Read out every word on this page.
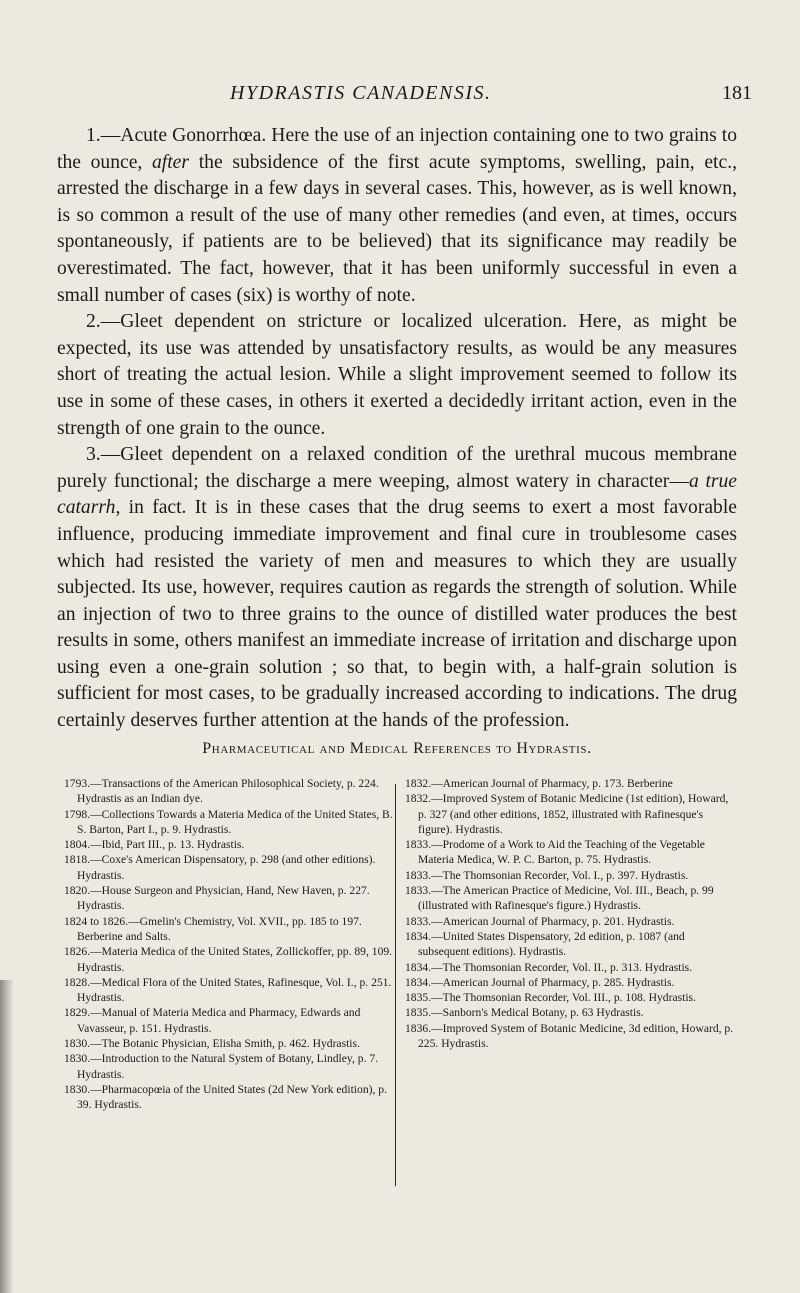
HYDRASTIS CANADENSIS.	181

1.—Acute Gonorrhœa. Here the use of an injection containing one to two grains to the ounce, after the subsidence of the first acute symptoms, swelling, pain, etc., arrested the discharge in a few days in several cases. This, however, as is well known, is so common a result of the use of many other remedies (and even, at times, occurs spontaneously, if patients are to be believed) that its significance may readily be overestimated. The fact, however, that it has been uniformly successful in even a small number of cases (six) is worthy of note.

2.—Gleet dependent on stricture or localized ulceration. Here, as might be expected, its use was attended by unsatisfactory results, as would be any measures short of treating the actual lesion. While a slight improvement seemed to follow its use in some of these cases, in others it exerted a decidedly irritant action, even in the strength of one grain to the ounce.

3.—Gleet dependent on a relaxed condition of the urethral mucous membrane purely functional; the discharge a mere weeping, almost watery in character—a true catarrh, in fact. It is in these cases that the drug seems to exert a most favorable influence, producing immediate improvement and final cure in troublesome cases which had resisted the variety of men and measures to which they are usually subjected. Its use, however, requires caution as regards the strength of solution. While an injection of two to three grains to the ounce of distilled water produces the best results in some, others manifest an immediate increase of irritation and discharge upon using even a one-grain solution ; so that, to begin with, a half-grain solution is sufficient for most cases, to be gradually increased according to indications. The drug certainly deserves further attention at the hands of the profession.

Pharmaceutical and Medical References to Hydrastis.

1793.—Transactions of the American Philosophical Society, p. 224. Hydrastis as an Indian dye.

1798.—Collections Towards a Materia Medica of the United States, B. S. Barton, Part I., p. 9. Hydrastis.

1804.—Ibid, Part III., p. 13. Hydrastis.

1818.—Coxe's American Dispensatory, p. 298 (and other editions). Hydrastis.

1820.—House Surgeon and Physician, Hand, New Haven, p. 227. Hydrastis.

1824 to 1826.—Gmelin's Chemistry, Vol. XVII., pp. 185 to 197. Berberine and Salts.

1826.—Materia Medica of the United States, Zollickoffer, pp. 89, 109. Hydrastis.

1828.—Medical Flora of the United States, Rafinesque, Vol. I., p. 251. Hydrastis.

1829.—Manual of Materia Medica and Pharmacy, Edwards and Vavasseur, p. 151. Hydrastis.

1830.—The Botanic Physician, Elisha Smith, p. 462. Hydrastis.

1830.—Introduction to the Natural System of Botany, Lindley, p. 7. Hydrastis.

1830.—Pharmacopœia of the United States (2d New York edition), p. 39. Hydrastis.

1832.—American Journal of Pharmacy, p. 173. Berberine

1832.—Improved System of Botanic Medicine (1st edition), Howard, p. 327 (and other editions, 1852, illustrated with Rafinesque's figure). Hydrastis.

1833.—Prodome of a Work to Aid the Teaching of the Vegetable Materia Medica, W. P. C. Barton, p. 75. Hydrastis.

1833.—The Thomsonian Recorder, Vol. I., p. 397. Hydrastis.

1833.—The American Practice of Medicine, Vol. III., Beach, p. 99 (illustrated with Rafinesque's figure.) Hydrastis.

1833.—American Journal of Pharmacy, p. 201. Hydrastis.

1834.—United States Dispensatory, 2d edition, p. 1087 (and subsequent editions). Hydrastis.

1834.—The Thomsonian Recorder, Vol. II., p. 313. Hydrastis.

1834.—American Journal of Pharmacy, p. 285. Hydrastis.

1835.—The Thomsonian Recorder, Vol. III., p. 108. Hydrastis.

1835.—Sanborn's Medical Botany, p. 63 Hydrastis.

1836.—Improved System of Botanic Medicine, 3d edition, Howard, p. 225. Hydrastis.
